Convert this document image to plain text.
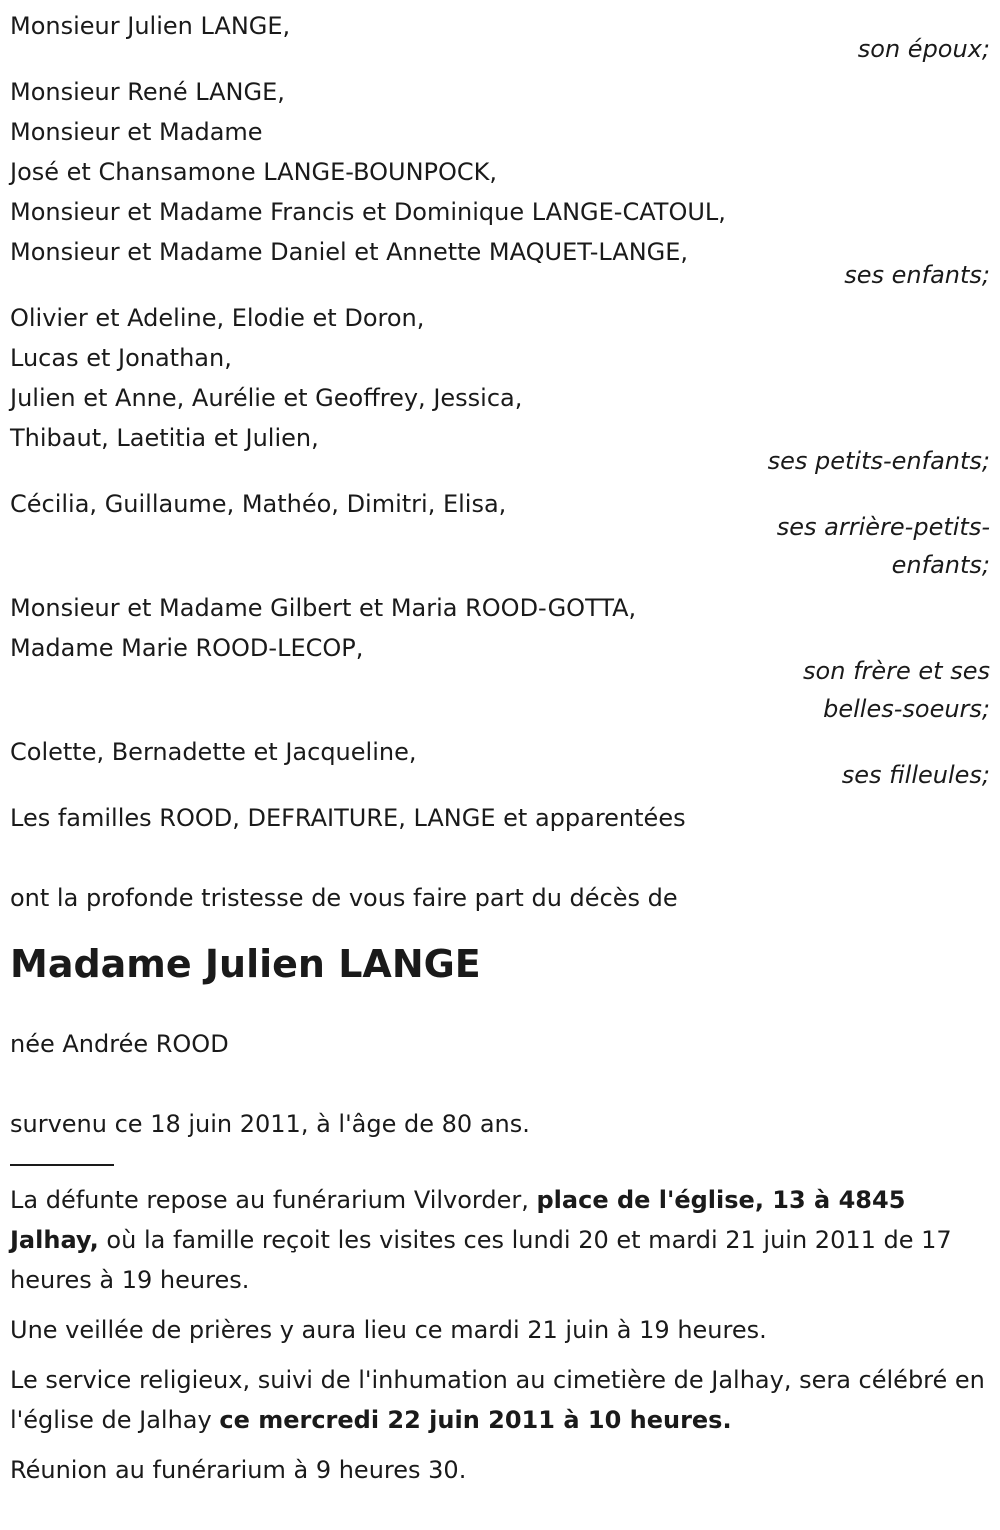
Monsieur Julien LANGE,
son époux;
Monsieur René LANGE,
Monsieur et Madame
José et Chansamone LANGE-BOUNPOCK,
Monsieur et Madame Francis et Dominique LANGE-CATOUL,
Monsieur et Madame Daniel et Annette MAQUET-LANGE,
ses enfants;
Olivier et Adeline, Elodie et Doron,
Lucas et Jonathan,
Julien et Anne, Aurélie et Geoffrey, Jessica,
Thibaut, Laetitia et Julien,
ses petits-enfants;
Cécilia, Guillaume, Mathéo, Dimitri, Elisa,
ses arrière-petits-
enfants;
Monsieur et Madame Gilbert et Maria ROOD-GOTTA,
Madame Marie ROOD-LECOP,
son frère et ses
belles-soeurs;
Colette, Bernadette et Jacqueline,
ses filleules;
Les familles ROOD, DEFRAITURE, LANGE et apparentées
ont la profonde tristesse de vous faire part du décès de
Madame Julien LANGE
née Andrée ROOD
survenu ce 18 juin 2011, à l'âge de 80 ans.

La défunte repose au funérarium Vilvorder, place de l'église, 13 à 4845 Jalhay, où la famille reçoit les visites ces lundi 20 et mardi 21 juin 2011 de 17 heures à 19 heures.

Une veillée de prières y aura lieu ce mardi 21 juin à 19 heures.

Le service religieux, suivi de l'inhumation au cimetière de Jalhay, sera célébré en l'église de Jalhay ce mercredi 22 juin 2011 à 10 heures.

Réunion au funérarium à 9 heures 30.
